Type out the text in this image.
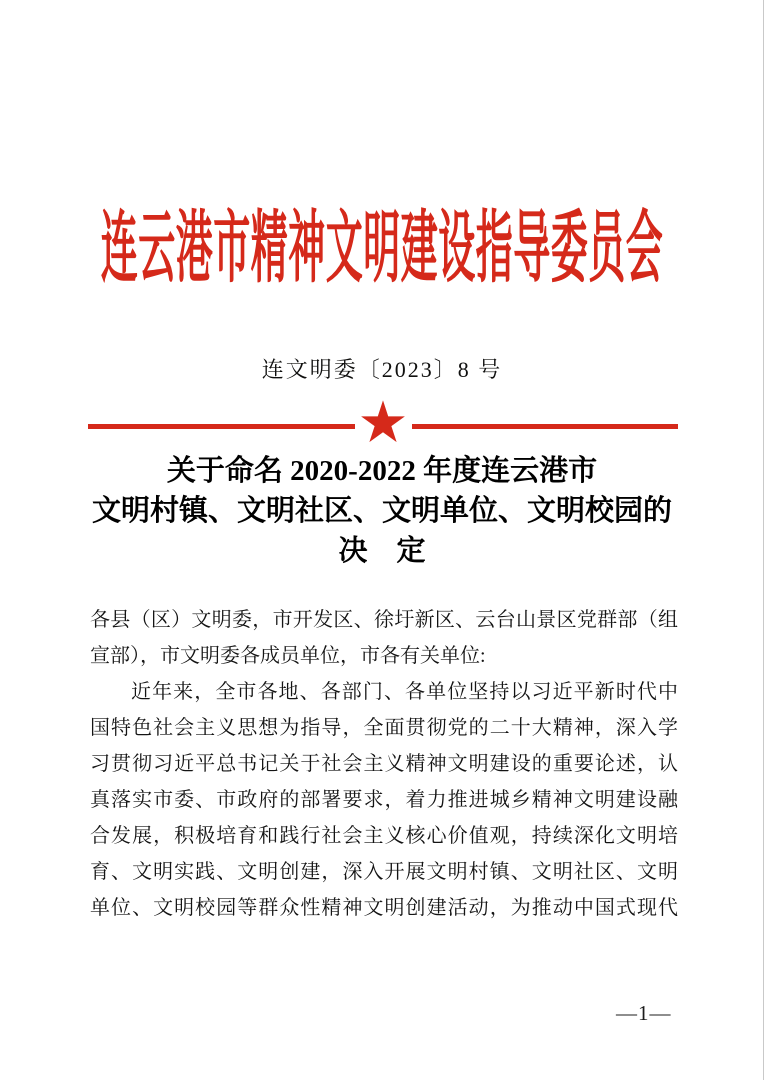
连云港市精神文明建设指导委员会
连文明委〔2023〕8 号
★
关于命名 2020-2022 年度连云港市
文明村镇、文明社区、文明单位、文明校园的
决　定
各县（区）文明委，市开发区、徐圩新区、云台山景区党群部（组
宣部），市文明委各成员单位，市各有关单位:
近年来，全市各地、各部门、各单位坚持以习近平新时代中
国特色社会主义思想为指导，全面贯彻党的二十大精神，深入学
习贯彻习近平总书记关于社会主义精神文明建设的重要论述，认
真落实市委、市政府的部署要求，着力推进城乡精神文明建设融
合发展，积极培育和践行社会主义核心价值观，持续深化文明培
育、文明实践、文明创建，深入开展文明村镇、文明社区、文明
单位、文明校园等群众性精神文明创建活动，为推动中国式现代
—1—
